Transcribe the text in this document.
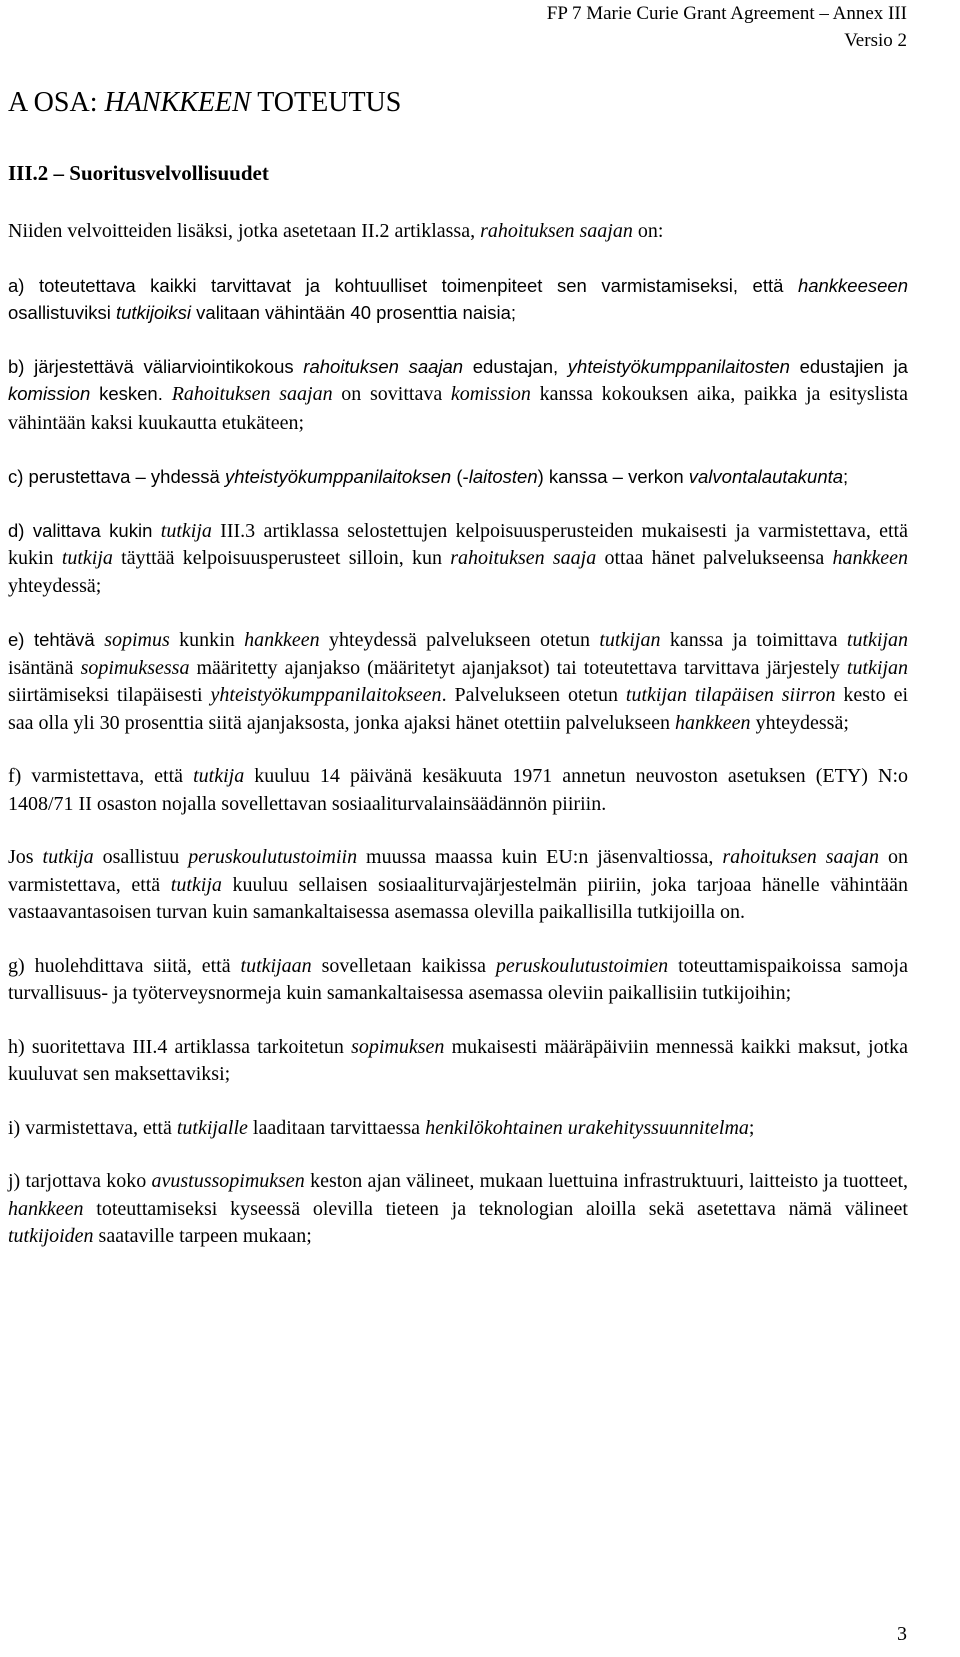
FP 7 Marie Curie Grant Agreement – Annex III
Versio 2
A OSA: HANKKEEN TOTEUTUS
III.2 – Suoritusvelvollisuudet

Niiden velvoitteiden lisäksi, jotka asetetaan II.2 artiklassa, rahoituksen saajan on:

a) toteutettava kaikki tarvittavat ja kohtuulliset toimenpiteet sen varmistamiseksi, että hankkeeseen osallistuviksi tutkijoiksi valitaan vähintään 40 prosenttia naisia;

b) järjestettävä väliarviointikokous rahoituksen saajan edustajan, yhteistyökumppanilaitosten edustajien ja komission kesken. Rahoituksen saajan on sovittava komission kanssa kokouksen aika, paikka ja esityslista vähintään kaksi kuukautta etukäteen;

c) perustettava – yhdessä yhteistyökumppanilaitoksen (-laitosten) kanssa – verkon valvontalautakunta;

d) valittava kukin tutkija III.3 artiklassa selostettujen kelpoisuusperusteiden mukaisesti ja varmistettava, että kukin tutkija täyttää kelpoisuusperusteet silloin, kun rahoituksen saaja ottaa hänet palvelukseensa hankkeen yhteydessä;

e) tehtävä sopimus kunkin hankkeen yhteydessä palvelukseen otetun tutkijan kanssa ja toimittava tutkijan isäntänä sopimuksessa määritetty ajanjakso (määritetyt ajanjaksot) tai toteutettava tarvittava järjestely tutkijan siirtämiseksi tilapäisesti yhteistyökumppanilaitokseen. Palvelukseen otetun tutkijan tilapäisen siirron kesto ei saa olla yli 30 prosenttia siitä ajanjaksosta, jonka ajaksi hänet otettiin palvelukseen hankkeen yhteydessä;

f) varmistettava, että tutkija kuuluu 14 päivänä kesäkuuta 1971 annetun neuvoston asetuksen (ETY) N:o 1408/71 II osaston nojalla sovellettavan sosiaaliturvalainsäädännön piiriin.

Jos tutkija osallistuu peruskoulutustoimiin muussa maassa kuin EU:n jäsenvaltiossa, rahoituksen saajan on varmistettava, että tutkija kuuluu sellaisen sosiaaliturvajärjestelmän piiriin, joka tarjoaa hänelle vähintään vastaavantasoisen turvan kuin samankaltaisessa asemassa olevilla paikallisilla tutkijoilla on.

g) huolehdittava siitä, että tutkijaan sovelletaan kaikissa peruskoulutustoimien toteuttamispaikoissa samoja turvallisuus- ja työterveysnormeja kuin samankaltaisessa asemassa oleviin paikallisiin tutkijoihin;

h) suoritettava III.4 artiklassa tarkoitetun sopimuksen mukaisesti määräpäiviin mennessä kaikki maksut, jotka kuuluvat sen maksettaviksi;

i) varmistettava, että tutkijalle laaditaan tarvittaessa henkilökohtainen urakehityssuunnitelma;

j) tarjottava koko avustussopimuksen keston ajan välineet, mukaan luettuina infrastruktuuri, laitteisto ja tuotteet, hankkeen toteuttamiseksi kyseessä olevilla tieteen ja teknologian aloilla sekä asetettava nämä välineet tutkijoiden saataville tarpeen mukaan;

3
